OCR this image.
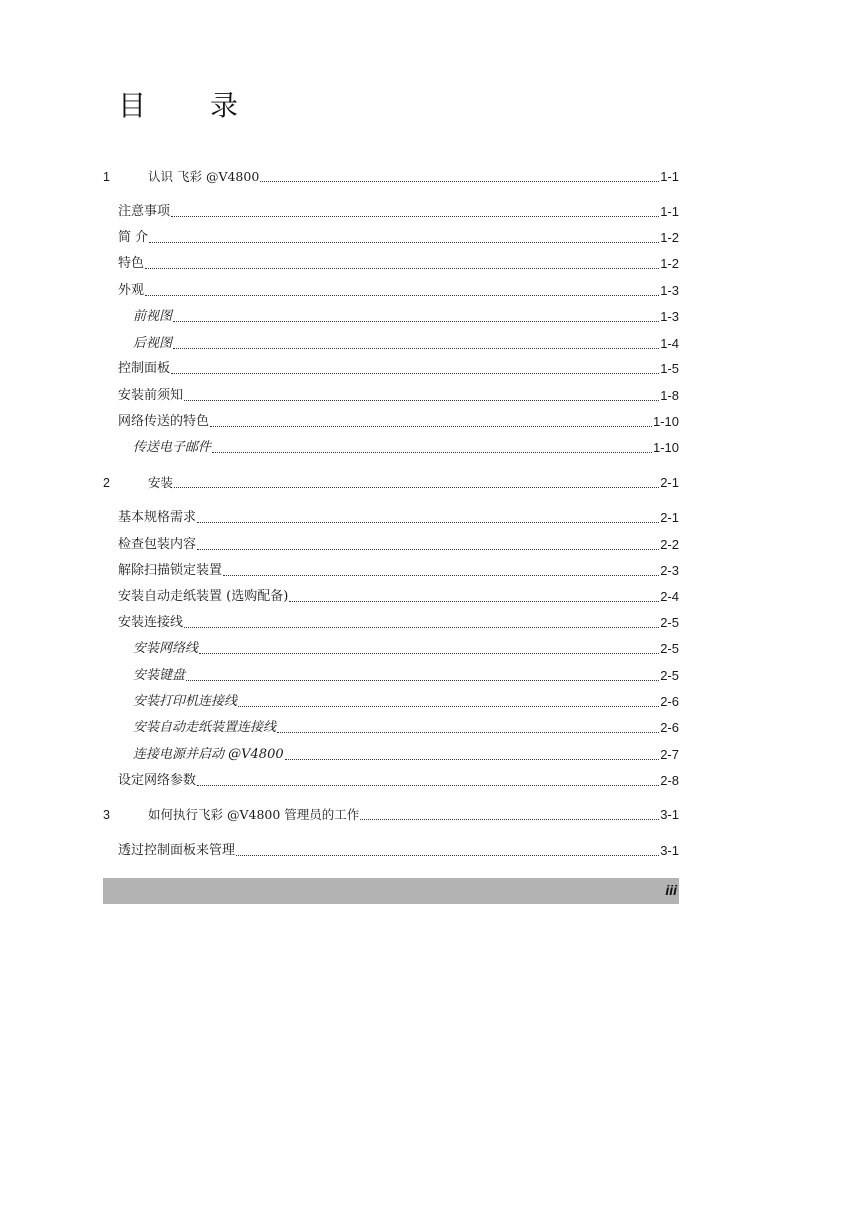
目　录
1	认识 飞彩 @V4800	1-1
注意事项	1-1
简 介	1-2
特色	1-2
外观	1-3
前视图	1-3
后视图	1-4
控制面板	1-5
安装前须知	1-8
网络传送的特色	1-10
传送电子邮件	1-10
2	安装	2-1
基本规格需求	2-1
检查包装内容	2-2
解除扫描锁定装置	2-3
安装自动走纸装置 (选购配备)	2-4
安装连接线	2-5
安装网络线	2-5
安装键盘	2-5
安装打印机连接线	2-6
安装自动走纸装置连接线	2-6
连接电源并启动 @V4800	2-7
设定网络参数	2-8
3	如何执行飞彩 @V4800 管理员的工作	3-1
透过控制面板来管理	3-1
iii
